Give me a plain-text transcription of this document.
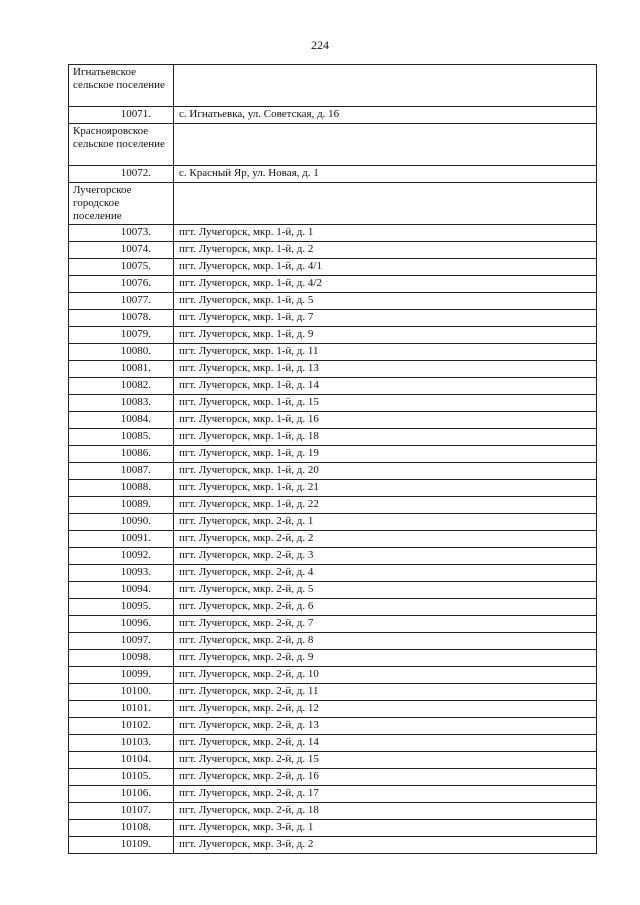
224
Игнатьевское сельское поселение	
10071.	с. Игнатьевка, ул. Советская, д. 16
Краснояровское сельское поселение	
10072.	с. Красный Яр, ул. Новая, д. 1
Лучегорское городское поселение	
10073.	пгт. Лучегорск, мкр. 1-й, д. 1
10074.	пгт. Лучегорск, мкр. 1-й, д. 2
10075.	пгт. Лучегорск, мкр. 1-й, д. 4/1
10076.	пгт. Лучегорск, мкр. 1-й, д. 4/2
10077.	пгт. Лучегорск, мкр. 1-й, д. 5
10078.	пгт. Лучегорск, мкр. 1-й, д. 7
10079.	пгт. Лучегорск, мкр. 1-й, д. 9
10080.	пгт. Лучегорск, мкр. 1-й, д. 11
10081.	пгт. Лучегорск, мкр. 1-й, д. 13
10082.	пгт. Лучегорск, мкр. 1-й, д. 14
10083.	пгт. Лучегорск, мкр. 1-й, д. 15
10084.	пгт. Лучегорск, мкр. 1-й, д. 16
10085.	пгт. Лучегорск, мкр. 1-й, д. 18
10086.	пгт. Лучегорск, мкр. 1-й, д. 19
10087.	пгт. Лучегорск, мкр. 1-й, д. 20
10088.	пгт. Лучегорск, мкр. 1-й, д. 21
10089.	пгт. Лучегорск, мкр. 1-й, д. 22
10090.	пгт. Лучегорск, мкр. 2-й, д. 1
10091.	пгт. Лучегорск, мкр. 2-й, д. 2
10092.	пгт. Лучегорск, мкр. 2-й, д. 3
10093.	пгт. Лучегорск, мкр. 2-й, д. 4
10094.	пгт. Лучегорск, мкр. 2-й, д. 5
10095.	пгт. Лучегорск, мкр. 2-й, д. 6
10096.	пгт. Лучегорск, мкр. 2-й, д. 7
10097.	пгт. Лучегорск, мкр. 2-й, д. 8
10098.	пгт. Лучегорск, мкр. 2-й, д. 9
10099.	пгт. Лучегорск, мкр. 2-й, д. 10
10100.	пгт. Лучегорск, мкр. 2-й, д. 11
10101.	пгт. Лучегорск, мкр. 2-й, д. 12
10102.	пгт. Лучегорск, мкр. 2-й, д. 13
10103.	пгт. Лучегорск, мкр. 2-й, д. 14
10104.	пгт. Лучегорск, мкр. 2-й, д. 15
10105.	пгт. Лучегорск, мкр. 2-й, д. 16
10106.	пгт. Лучегорск, мкр. 2-й, д. 17
10107.	пгт. Лучегорск, мкр. 2-й, д. 18
10108.	пгт. Лучегорск, мкр. 3-й, д. 1
10109.	пгт. Лучегорск, мкр. 3-й, д. 2
